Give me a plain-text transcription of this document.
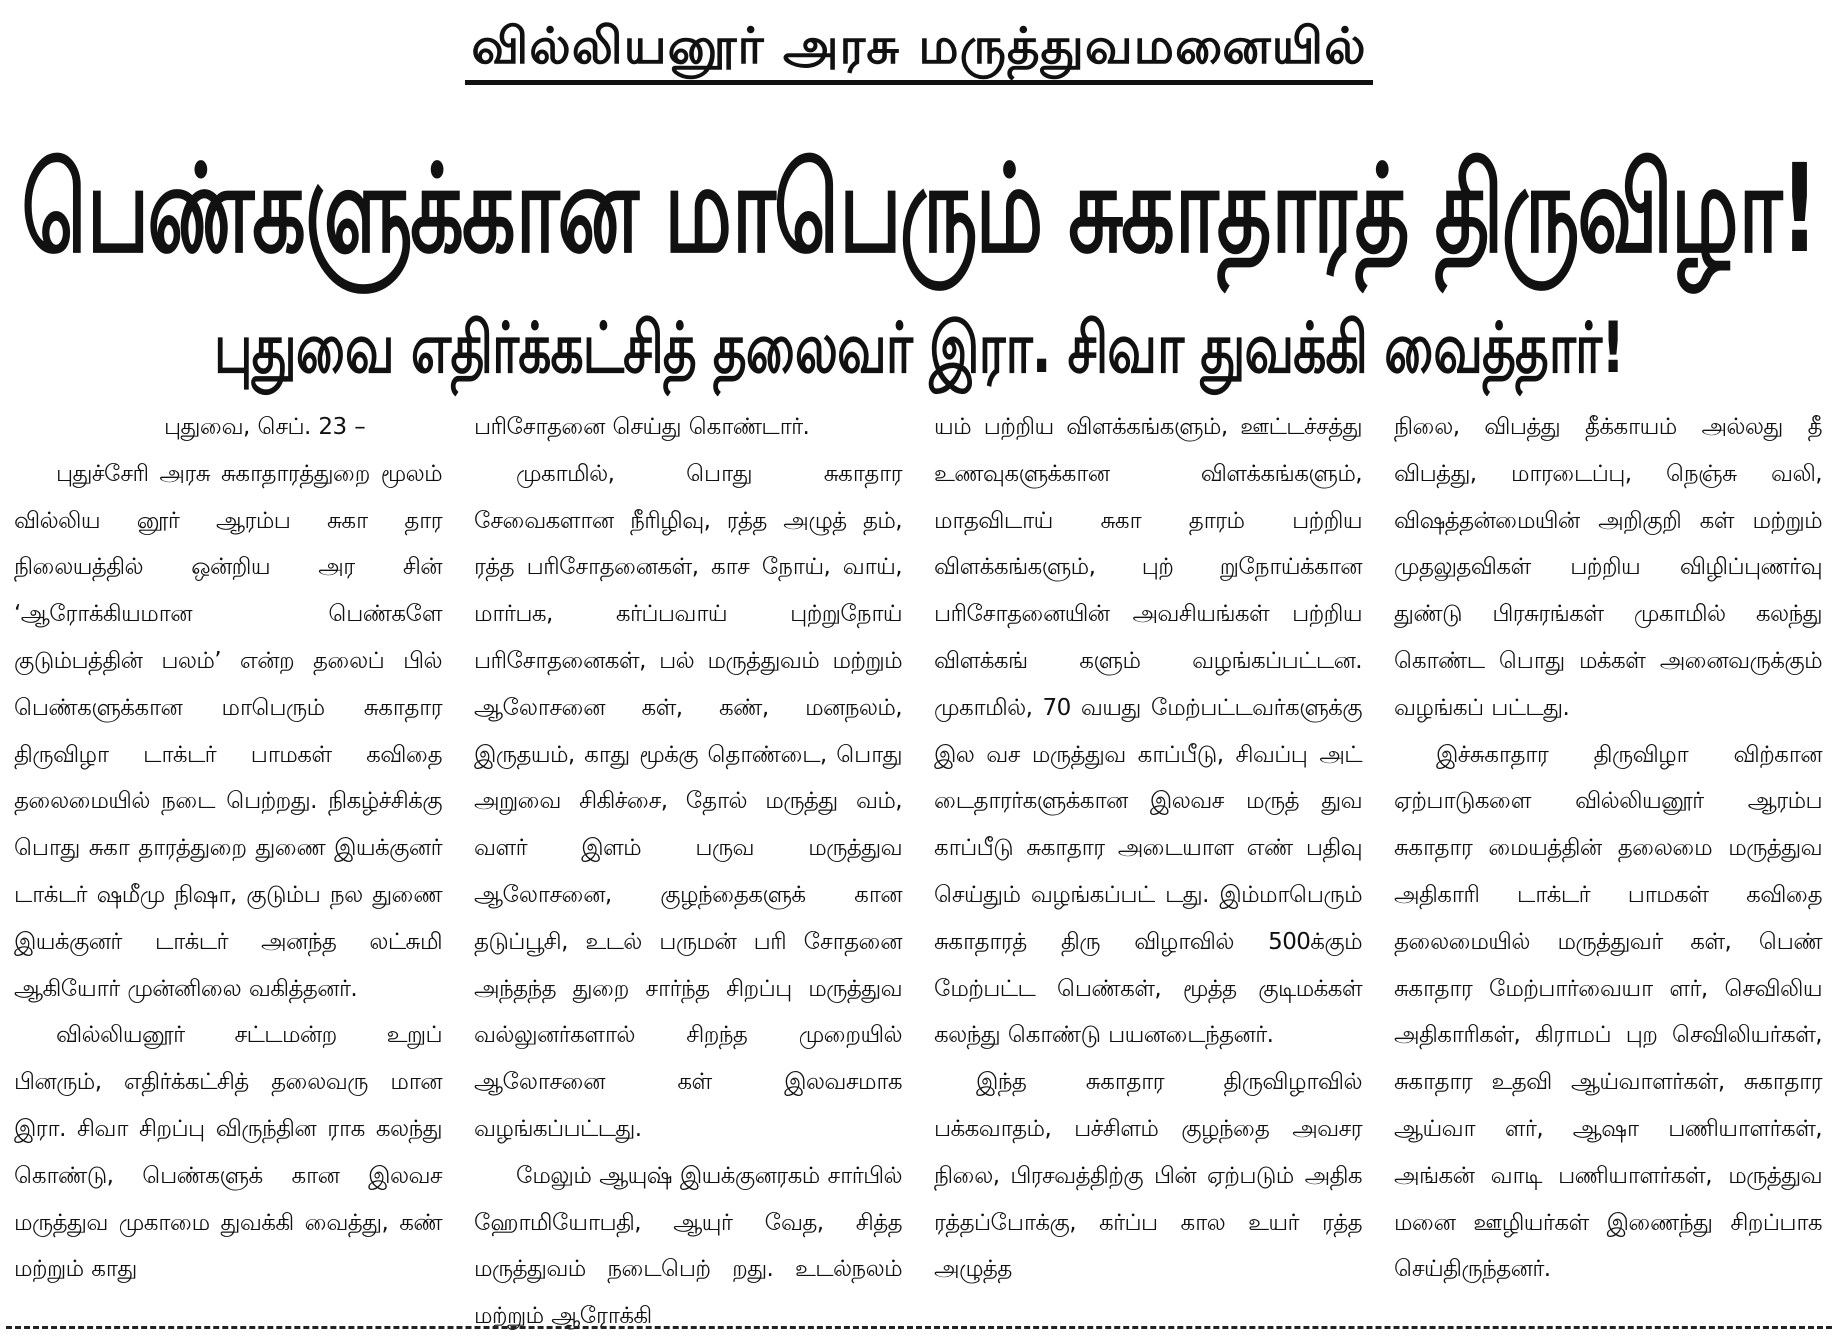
வில்லியனூர் அரசு மருத்துவமனையில்
பெண்களுக்கான மாபெரும் சுகாதாரத் திருவிழா!
புதுவை எதிர்க்கட்சித் தலைவர் இரா. சிவா துவக்கி வைத்தார்!

புதுவை, செப். 23 –

புதுச்சேரி அரசு சுகாதாரத்துறை மூலம் வில்லிய னூர் ஆரம்ப சுகா தார நிலையத்தில் ஒன்றிய அர சின் ‘ஆரோக்கியமான பெண்களே குடும்பத்தின் பலம்’ என்ற தலைப் பில் பெண்களுக்கான மாபெரும் சுகாதார திருவிழா டாக்டர் பாமகள் கவிதை தலைமையில் நடை பெற்றது. நிகழ்ச்சிக்கு பொது சுகா தாரத்துறை துணை இயக்குனர் டாக்டர் ஷமீமு நிஷா, குடும்ப நல துணை இயக்குனர் டாக்டர் அனந்த லட்சுமி ஆகியோர் முன்னிலை வகித்தனர்.

வில்லியனூர் சட்டமன்ற உறுப் பினரும், எதிர்க்கட்சித் தலைவரு மான இரா. சிவா சிறப்பு விருந்தின ராக கலந்து கொண்டு, பெண்களுக் கான இலவச மருத்துவ முகாமை துவக்கி வைத்து, கண் மற்றும் காது

பரிசோதனை செய்து கொண்டார்.

முகாமில், பொது சுகாதார சேவைகளான நீரிழிவு, ரத்த அழுத் தம், ரத்த பரிசோதனைகள், காச நோய், வாய், மார்பக, கர்ப்பவாய் புற்றுநோய் பரிசோதனைகள், பல் மருத்துவம் மற்றும் ஆலோசனை கள், கண், மனநலம், இருதயம், காது மூக்கு தொண்டை, பொது அறுவை சிகிச்சை, தோல் மருத்து வம், வளர் இளம் பருவ மருத்துவ ஆலோசனை, குழந்தைகளுக் கான தடுப்பூசி, உடல் பருமன் பரி சோதனை அந்தந்த துறை சார்ந்த சிறப்பு மருத்துவ வல்லுனர்களால் சிறந்த முறையில் ஆலோசனை கள் இலவசமாக வழங்கப்பட்டது.

மேலும் ஆயுஷ் இயக்குனரகம் சார்பில் ஹோமியோபதி, ஆயுர் வேத, சித்த மருத்துவம் நடைபெற் றது. உடல்நலம் மற்றும் ஆரோக்கி

யம் பற்றிய விளக்கங்களும், ஊட்டச்சத்து உணவுகளுக்கான விளக்கங்களும், மாதவிடாய் சுகா தாரம் பற்றிய விளக்கங்களும், புற் றுநோய்க்கான பரிசோதனையின் அவசியங்கள் பற்றிய விளக்கங் களும் வழங்கப்பட்டன. முகாமில், 70 வயது மேற்பட்டவர்களுக்கு இல வச மருத்துவ காப்பீடு, சிவப்பு அட் டைதாரர்களுக்கான இலவச மருத் துவ காப்பீடு சுகாதார அடையாள எண் பதிவு செய்தும் வழங்கப்பட் டது. இம்மாபெரும் சுகாதாரத் திரு விழாவில் 500க்கும் மேற்பட்ட பெண்கள், மூத்த குடிமக்கள் கலந்து கொண்டு பயனடைந்தனர்.

இந்த சுகாதார திருவிழாவில் பக்கவாதம், பச்சிளம் குழந்தை அவசர நிலை, பிரசவத்திற்கு பின் ஏற்படும் அதிக ரத்தப்போக்கு, கர்ப்ப கால உயர் ரத்த அழுத்த

நிலை, விபத்து தீக்காயம் அல்லது தீ விபத்து, மாரடைப்பு, நெஞ்சு வலி, விஷத்தன்மையின் அறிகுறி கள் மற்றும் முதலுதவிகள் பற்றிய விழிப்புணர்வு துண்டு பிரசுரங்கள் முகாமில் கலந்து கொண்ட பொது மக்கள் அனைவருக்கும் வழங்கப் பட்டது.

இச்சுகாதார திருவிழா விற்கான ஏற்பாடுகளை வில்லியனூர் ஆரம்ப சுகாதார மையத்தின் தலைமை மருத்துவ அதிகாரி டாக்டர் பாமகள் கவிதை தலைமையில் மருத்துவர் கள், பெண் சுகாதார மேற்பார்வையா ளர், செவிலிய அதிகாரிகள், கிராமப் புற செவிலியர்கள், சுகாதார உதவி ஆய்வாளர்கள், சுகாதார ஆய்வா ளர், ஆஷா பணியாளர்கள், அங்கன் வாடி பணியாளர்கள், மருத்துவ மனை ஊழியர்கள் இணைந்து சிறப்பாக செய்திருந்தனர்.
